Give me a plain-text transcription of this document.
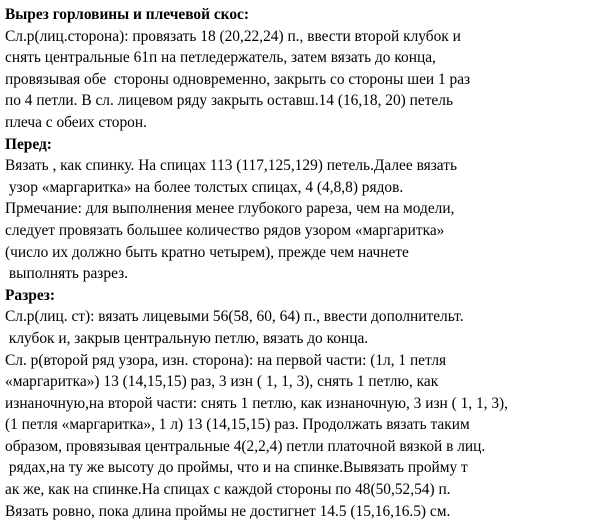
Вырез горловины и плечевой скос:
Сл.р(лиц.сторона): провязать 18 (20,22,24) п., ввести второй клубок и
снять центральные 61п на петледержатель, затем вязать до конца,
провязывая обе  стороны одновременно, закрыть со стороны шеи 1 раз
по 4 петли. В сл. лицевом ряду закрыть оставш.14 (16,18, 20) петель
плеча с обеих сторон.
Перед:
Вязать , как спинку. На спицах 113 (117,125,129) петель.Далее вязать
узор «маргаритка» на более толстых спицах, 4 (4,8,8) рядов.
Прмечание: для выполнения менее глубокого рареза, чем на модели,
следует провязать большее количество рядов узором «маргаритка»
(число их должно быть кратно четырем), прежде чем начнете
выполнять разрез.
Разрез:
Сл.р(лиц. ст): вязать лицевыми 56(58, 60, 64) п., ввести дополнительт.
клубок и, закрыв центральную петлю, вязать до конца.
Сл. р(второй ряд узора, изн. сторона): на первой части: (1л, 1 петля
«маргаритка») 13 (14,15,15) раз, 3 изн ( 1, 1, 3), снять 1 петлю, как
изнаночную,на второй части: снять 1 петлю, как изнаночную, 3 изн ( 1, 1, 3),
(1 петля «маргаритка», 1 л) 13 (14,15,15) раз. Продолжать вязать таким
образом, провязывая центральные 4(2,2,4) петли платочной вязкой в лиц.
рядах,на ту же высоту до проймы, что и на спинке.Вывязать пройму т
ак же, как на спинке.На спицах с каждой стороны по 48(50,52,54) п.
Вязать ровно, пока длина проймы не достигнет 14.5 (15,16,16.5) см.
